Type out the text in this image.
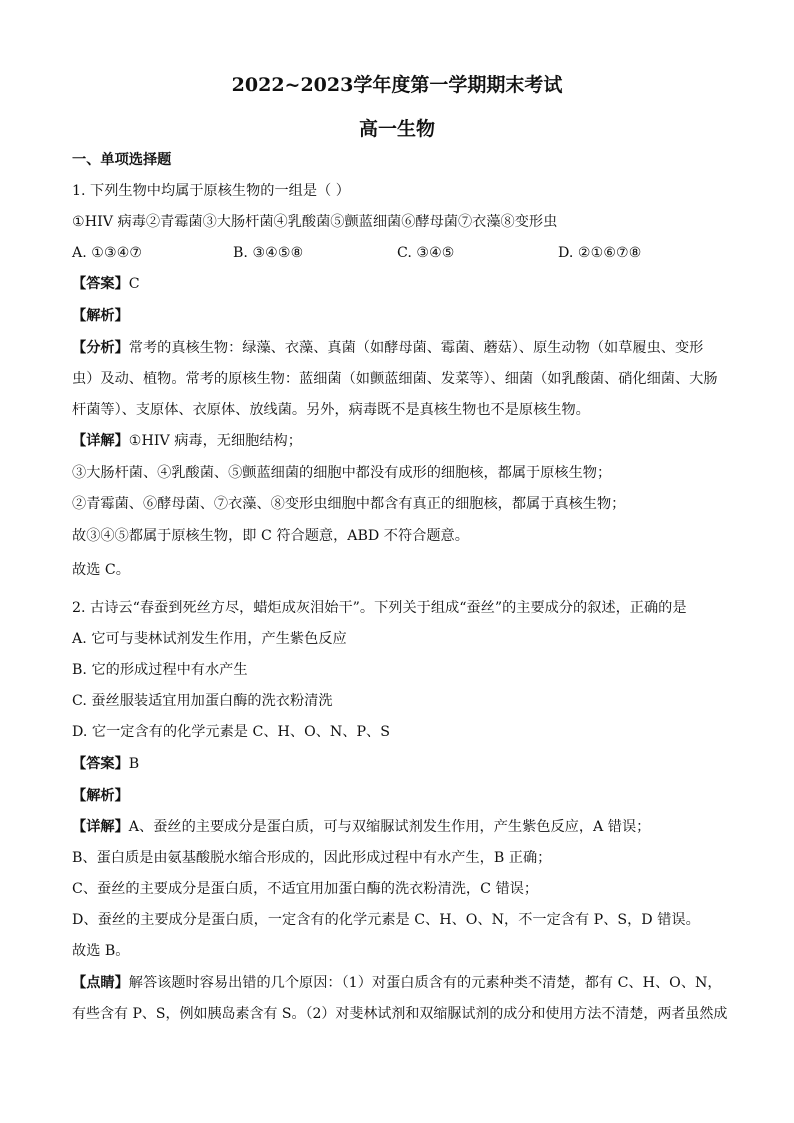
2022~2023学年度第一学期期末考试
高一生物
一、单项选择题
1. 下列生物中均属于原核生物的一组是（ ）
①HIV 病毒②青霉菌③大肠杆菌④乳酸菌⑤颤蓝细菌⑥酵母菌⑦衣藻⑧变形虫
A. ①③④⑦	B. ③④⑤⑧	C. ③④⑤	D. ②①⑥⑦⑧
【答案】C
【解析】
【分析】常考的真核生物：绿藻、衣藻、真菌（如酵母菌、霉菌、蘑菇）、原生动物（如草履虫、变形
虫）及动、植物。常考的原核生物：蓝细菌（如颤蓝细菌、发菜等）、细菌（如乳酸菌、硝化细菌、大肠
杆菌等）、支原体、衣原体、放线菌。另外，病毒既不是真核生物也不是原核生物。
【详解】①HIV 病毒，无细胞结构；
③大肠杆菌、④乳酸菌、⑤颤蓝细菌的细胞中都没有成形的细胞核，都属于原核生物；
②青霉菌、⑥酵母菌、⑦衣藻、⑧变形虫细胞中都含有真正的细胞核，都属于真核生物；
故③④⑤都属于原核生物，即 C 符合题意，ABD 不符合题意。
故选 C。
2. 古诗云“春蚕到死丝方尽，蜡炬成灰泪始干”。下列关于组成“蚕丝”的主要成分的叙述，正确的是
A. 它可与斐林试剂发生作用，产生紫色反应
B. 它的形成过程中有水产生
C. 蚕丝服装适宜用加蛋白酶的洗衣粉清洗
D. 它一定含有的化学元素是 C、H、O、N、P、S
【答案】B
【解析】
【详解】A、蚕丝的主要成分是蛋白质，可与双缩脲试剂发生作用，产生紫色反应，A 错误；
B、蛋白质是由氨基酸脱水缩合形成的，因此形成过程中有水产生，B 正确；
C、蚕丝的主要成分是蛋白质，不适宜用加蛋白酶的洗衣粉清洗，C 错误；
D、蚕丝的主要成分是蛋白质，一定含有的化学元素是 C、H、O、N，不一定含有 P、S，D 错误。
故选 B。
【点睛】解答该题时容易出错的几个原因：（1）对蛋白质含有的元素种类不清楚，都有 C、H、O、N，
有些含有 P、S，例如胰岛素含有 S。（2）对斐林试剂和双缩脲试剂的成分和使用方法不清楚，两者虽然成
